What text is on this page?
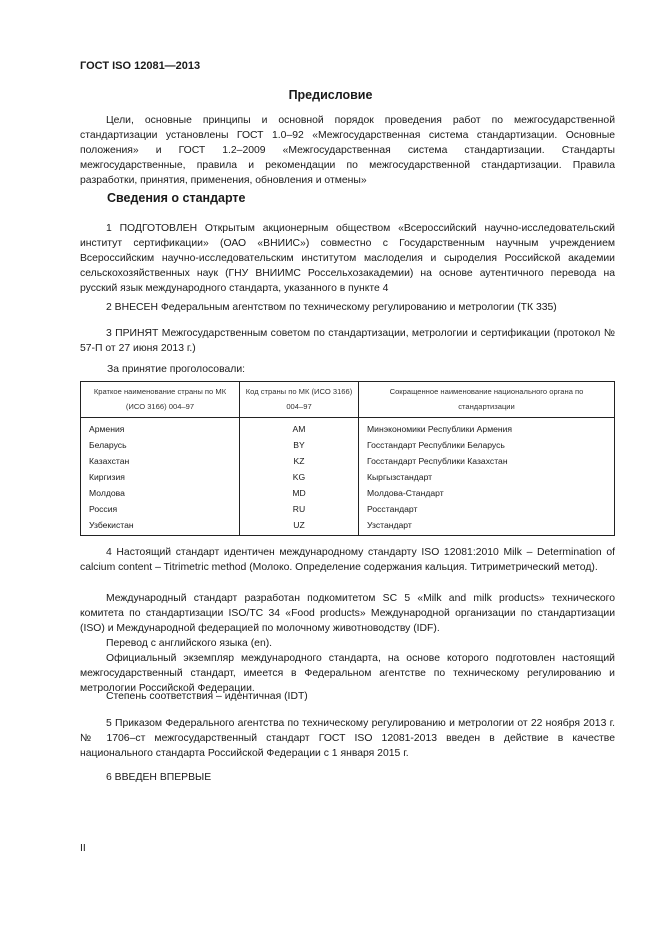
ГОСТ ISO 12081—2013
Предисловие
Цели, основные принципы и основной порядок проведения работ по межгосударственной стандартизации установлены ГОСТ 1.0–92 «Межгосударственная система стандартизации. Основные положения» и ГОСТ 1.2–2009 «Межгосударственная система стандартизации. Стандарты межгосударственные, правила и рекомендации по межгосударственной стандартизации. Правила разработки, принятия, применения, обновления и отмены»
Сведения о стандарте
1 ПОДГОТОВЛЕН Открытым акционерным обществом «Всероссийский научно-исследовательский институт сертификации» (ОАО «ВНИИС») совместно с Государственным научным учреждением Всероссийским научно-исследовательским институтом маслоделия и сыроделия Российской академии сельскохозяйственных наук (ГНУ ВНИИМС Россельхозакадемии) на основе аутентичного перевода на русский язык международного стандарта, указанного в пункте 4
2 ВНЕСЕН Федеральным агентством по техническому регулированию и метрологии (ТК 335)
3 ПРИНЯТ Межгосударственным советом по стандартизации, метрологии и сертификации (протокол № 57-П от 27 июня 2013 г.)
За принятие проголосовали:
Краткое наименование страны по МК (ИСО 3166) 004–97	Код страны по МК (ИСО 3166) 004–97	Сокращенное наименование национального органа по стандартизации
Армения	AM	Минэкономики Республики Армения
Беларусь	BY	Госстандарт Республики Беларусь
Казахстан	KZ	Госстандарт Республики Казахстан
Киргизия	KG	Кыргызстандарт
Молдова	MD	Молдова-Стандарт
Россия	RU	Росстандарт
Узбекистан	UZ	Узстандарт
4 Настоящий стандарт идентичен международному стандарту ISO 12081:2010 Milk – Determination of calcium content – Titrimetric method (Молоко. Определение содержания кальция. Титриметрический метод).
Международный стандарт разработан подкомитетом SC 5 «Milk and milk products» технического комитета по стандартизации ISO/TC 34 «Food products» Международной организации по стандартизации (ISO) и Международной федерацией по молочному животноводству (IDF).
Перевод с английского языка (en).
Официальный экземпляр международного стандарта, на основе которого подготовлен настоящий межгосударственный стандарт, имеется в Федеральном агентстве по техническому регулированию и метрологии Российской Федерации.
Степень соответствия – идентичная (IDT)
5 Приказом Федерального агентства по техническому регулированию и метрологии от 22 ноября 2013 г. № 1706–ст межгосударственный стандарт ГОСТ ISO 12081-2013 введен в действие в качестве национального стандарта Российской Федерации с 1 января 2015 г.
6 ВВЕДЕН ВПЕРВЫЕ
II
